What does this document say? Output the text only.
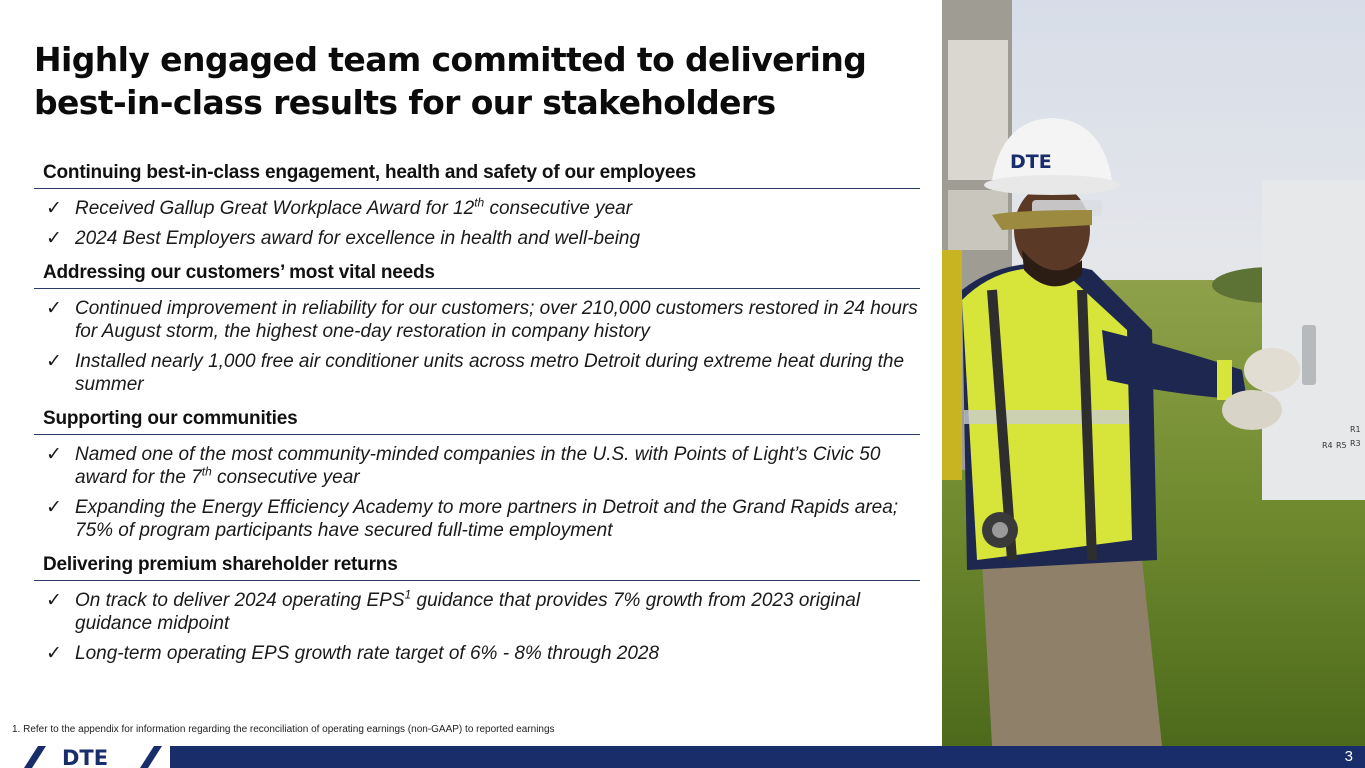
Highly engaged team committed to delivering best-in-class results for our stakeholders
Continuing best-in-class engagement, health and safety of our employees
✓ Received Gallup Great Workplace Award for 12th consecutive year
✓ 2024 Best Employers award for excellence in health and well-being
Addressing our customers’ most vital needs
✓ Continued improvement in reliability for our customers; over 210,000 customers restored in 24 hours for August storm, the highest one-day restoration in company history
✓ Installed nearly 1,000 free air conditioner units across metro Detroit during extreme heat during the summer
Supporting our communities
✓ Named one of the most community-minded companies in the U.S. with Points of Light’s Civic 50 award for the 7th consecutive year
✓ Expanding the Energy Efficiency Academy to more partners in Detroit and the Grand Rapids area; 75% of program participants have secured full-time employment
Delivering premium shareholder returns
✓ On track to deliver 2024 operating EPS$^1$ guidance that provides 7% growth from 2023 original guidance midpoint
✓ Long-term operating EPS growth rate target of 6% - 8% through 2028
1. Refer to the appendix for information regarding the reconciliation of operating earnings (non-GAAP) to reported earnings
R1
R3
R4 R5
DTE
DTE	3
